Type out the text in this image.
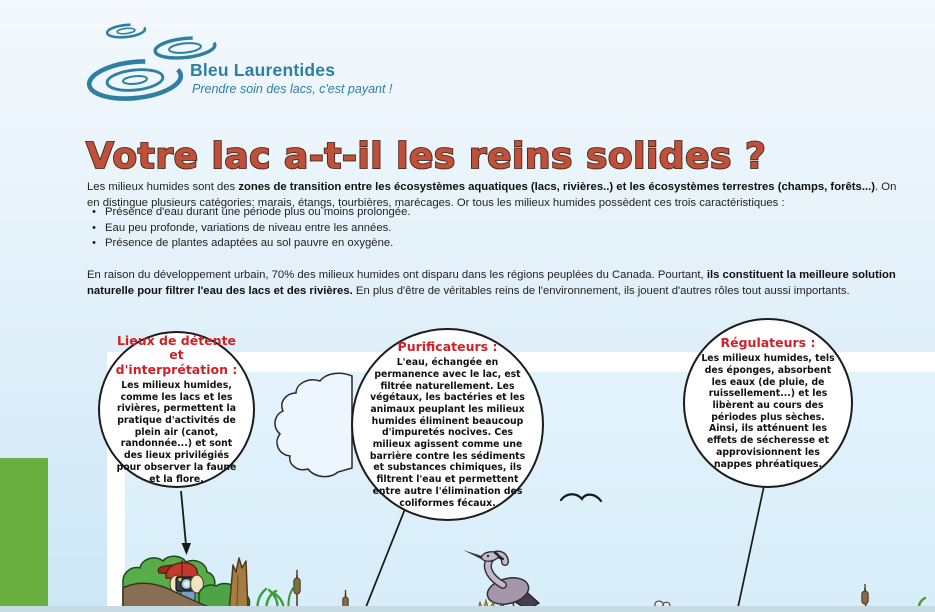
Bleu Laurentides
Prendre soin des lacs, c'est payant !
Votre lac a-t-il les reins solides ?

Les milieux humides sont des zones de transition entre les écosystèmes aquatiques (lacs, rivières..) et les écosystèmes terrestres (champs, forêts...). On en distingue plusieurs catégories: marais, étangs, tourbières, marécages. Or tous les milieux humides possèdent ces trois caractéristiques :

• Présence d'eau durant une période plus ou moins prolongée.
• Eau peu profonde, variations de niveau entre les années.
• Présence de plantes adaptées au sol pauvre en oxygène.

En raison du développement urbain, 70% des milieux humides ont disparu dans les régions peuplées du Canada. Pourtant, ils constituent la meilleure solution naturelle pour filtrer l'eau des lacs et des rivières. En plus d'être de véritables reins de l'environnement, ils jouent d'autres rôles tout aussi importants.

Lieux de détente et d'interprétation :
Les milieux humides, comme les lacs et les rivières, permettent la pratique d'activités de plein air (canot, randonnée...) et sont des lieux privilégiés pour observer la faune et la flore.
Purificateurs :
L'eau, échangée en permanence avec le lac, est filtrée naturellement. Les végétaux, les bactéries et les animaux peuplant les milieux humides éliminent beaucoup d'impuretés nocives. Ces milieux agissent comme une barrière contre les sédiments et substances chimiques, ils filtrent l'eau et permettent entre autre l'élimination des coliformes fécaux.
Régulateurs :
Les milieux humides, tels des éponges, absorbent les eaux (de pluie, de ruissellement...) et les libèrent au cours des périodes plus sèches. Ainsi, ils atténuent les effets de sécheresse et approvisionnent les nappes phréatiques.
